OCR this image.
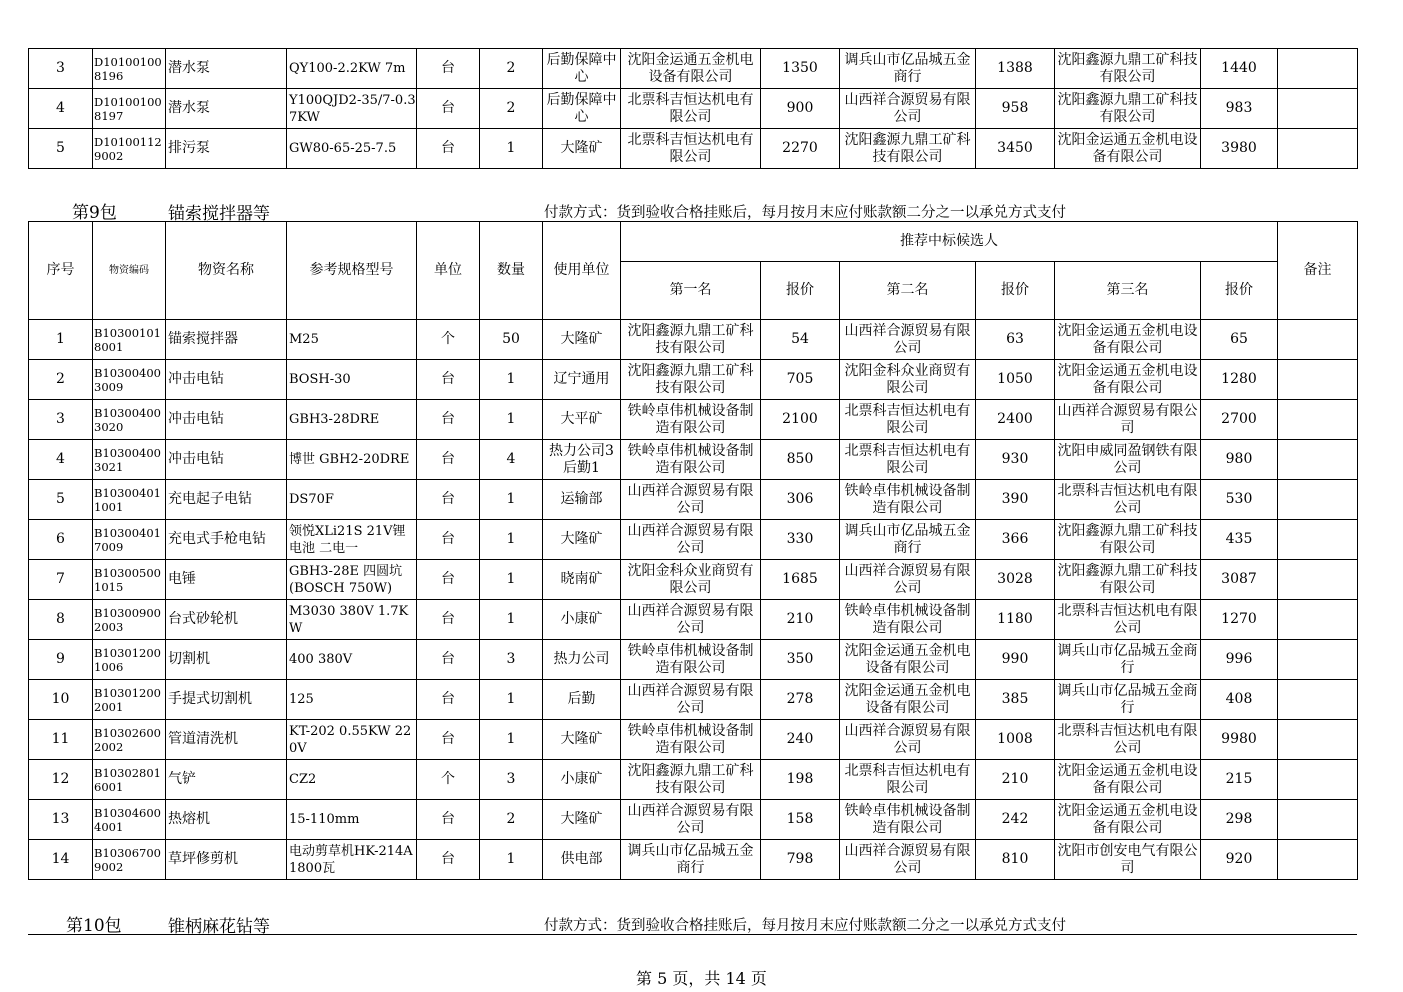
3	D101001008196	潜水泵	QY100-2.2KW 7m	台	2	后勤保障中心	沈阳金运通五金机电设备有限公司	1350	调兵山市亿品城五金商行	1388	沈阳鑫源九鼎工矿科技有限公司	1440	
4	D101001008197	潜水泵	Y100QJD2-35/7-0.37KW	台	2	后勤保障中心	北票科吉恒达机电有限公司	900	山西祥合源贸易有限公司	958	沈阳鑫源九鼎工矿科技有限公司	983	
5	D101001129002	排污泵	GW80-65-25-7.5	台	1	大隆矿	北票科吉恒达机电有限公司	2270	沈阳鑫源九鼎工矿科技有限公司	3450	沈阳金运通五金机电设备有限公司	3980	
第9包	锚索搅拌器等	付款方式：货到验收合格挂账后，每月按月末应付账款额二分之一以承兑方式支付
序号	物资编码	物资名称	参考规格型号	单位	数量	使用单位	推荐中标候选人						备注
							第一名	报价	第二名	报价	第三名	报价	
1	B103001018001	锚索搅拌器	M25	个	50	大隆矿	沈阳鑫源九鼎工矿科技有限公司	54	山西祥合源贸易有限公司	63	沈阳金运通五金机电设备有限公司	65	
2	B103004003009	冲击电钻	BOSH-30	台	1	辽宁通用	沈阳鑫源九鼎工矿科技有限公司	705	沈阳金科众业商贸有限公司	1050	沈阳金运通五金机电设备有限公司	1280	
3	B103004003020	冲击电钻	GBH3-28DRE	台	1	大平矿	铁岭卓伟机械设备制造有限公司	2100	北票科吉恒达机电有限公司	2400	山西祥合源贸易有限公司	2700	
4	B103004003021	冲击电钻	博世 GBH2-20DRE	台	4	热力公司3后勤1	铁岭卓伟机械设备制造有限公司	850	北票科吉恒达机电有限公司	930	沈阳申威同盈钢铁有限公司	980	
5	B103004011001	充电起子电钻	DS70F	台	1	运输部	山西祥合源贸易有限公司	306	铁岭卓伟机械设备制造有限公司	390	北票科吉恒达机电有限公司	530	
6	B103004017009	充电式手枪电钻	领悦XLi21S 21V锂电池 二电一	台	1	大隆矿	山西祥合源贸易有限公司	330	调兵山市亿品城五金商行	366	沈阳鑫源九鼎工矿科技有限公司	435	
7	B103005001015	电锤	GBH3-28E 四圆坑(BOSCH 750W)	台	1	晓南矿	沈阳金科众业商贸有限公司	1685	山西祥合源贸易有限公司	3028	沈阳鑫源九鼎工矿科技有限公司	3087	
8	B103009002003	台式砂轮机	M3030 380V 1.7KW	台	1	小康矿	山西祥合源贸易有限公司	210	铁岭卓伟机械设备制造有限公司	1180	北票科吉恒达机电有限公司	1270	
9	B103012001006	切割机	400 380V	台	3	热力公司	铁岭卓伟机械设备制造有限公司	350	沈阳金运通五金机电设备有限公司	990	调兵山市亿品城五金商行	996	
10	B103012002001	手提式切割机	125	台	1	后勤	山西祥合源贸易有限公司	278	沈阳金运通五金机电设备有限公司	385	调兵山市亿品城五金商行	408	
11	B103026002002	管道清洗机	KT-202 0.55KW 220V	台	1	大隆矿	铁岭卓伟机械设备制造有限公司	240	山西祥合源贸易有限公司	1008	北票科吉恒达机电有限公司	9980	
12	B103028016001	气铲	CZ2	个	3	小康矿	沈阳鑫源九鼎工矿科技有限公司	198	北票科吉恒达机电有限公司	210	沈阳金运通五金机电设备有限公司	215	
13	B103046004001	热熔机	15-110mm	台	2	大隆矿	山西祥合源贸易有限公司	158	铁岭卓伟机械设备制造有限公司	242	沈阳金运通五金机电设备有限公司	298	
14	B103067009002	草坪修剪机	电动剪草机HK-214A 1800瓦	台	1	供电部	调兵山市亿品城五金商行	798	山西祥合源贸易有限公司	810	沈阳市创安电气有限公司	920	
第10包	锥柄麻花钻等	付款方式：货到验收合格挂账后，每月按月末应付账款额二分之一以承兑方式支付
第 5 页，共 14 页
